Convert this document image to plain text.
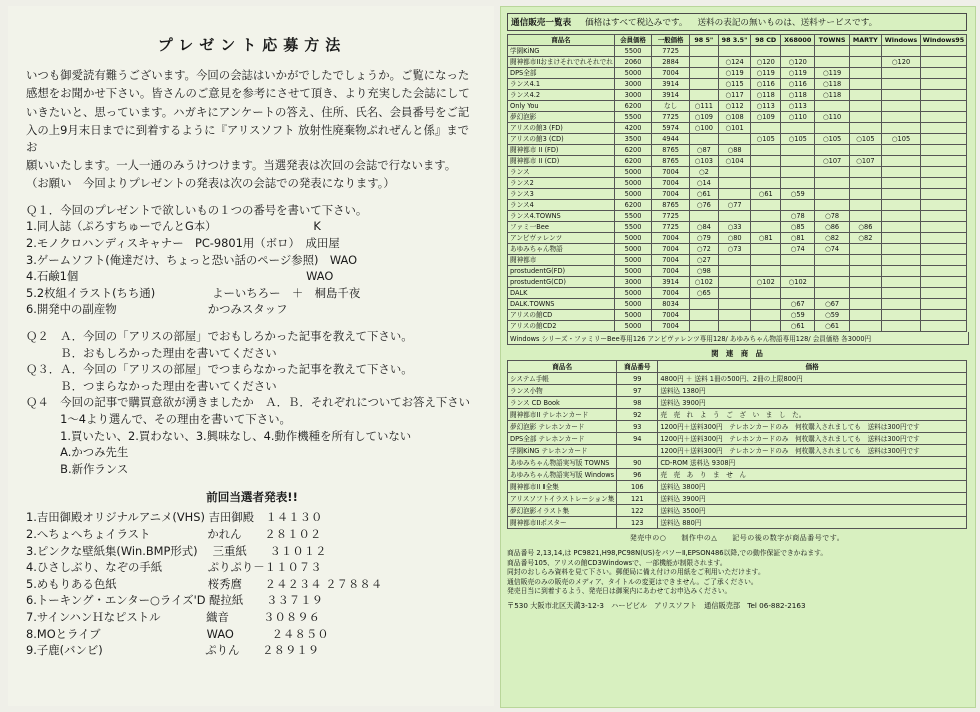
プレゼント応募方法
いつも御愛読有難うございます。今回の会誌はいかがでしたでしょうか。ご覧になった
感想をお聞かせ下さい。皆さんのご意見を参考にさせて頂き、より充実した会誌にして
いきたいと、思っています。ハガキにアンケートの答え、住所、氏名、会員番号をご記
入の上9月末日までに到着するように『アリスソフト 放射性廃棄物ぷれぜんと係』までお
願いいたします。一人一通のみうけつけます。当選発表は次回の会誌で行ないます。
（お願い　今回よりプレゼントの発表は次の会誌での発表になります。）
Ｑ１．今回のプレゼントで欲しいもの１つの番号を書いて下さい。
1.同人誌（ぷろすちゅーでんとG本）　　　　　　　　　K
2.モノクロハンディスキャナー　PC-9801用（ボロ）　成田屋
3.ゲームソフト(俺達だけ、ちょっと恐い話のページ参照)　WAO
4.石鹸1個　　　　　　　　　　　　　　　　　　　　WAO
5.2枚組イラスト(ちち通)　　　　　よーいちろー　＋　桐島千夜
6.開発中の副産物　　　　　　　　かつみスタッフ
Ｑ２　Ａ．今回の「アリスの部屋」でおもしろかった記事を教えて下さい。
　　　Ｂ．おもしろかった理由を書いてください
Ｑ３．Ａ．今回の「アリスの部屋」でつまらなかった記事を教えて下さい。
　　　Ｂ．つまらなかった理由を書いてください
Ｑ４　今回の記事で購買意欲が湧きましたか　Ａ．Ｂ．それぞれについてお答え下さい
　　　1～4より選んで、その理由を書いて下さい。
　　　1.買いたい、2.買わない、3.興味なし、4.動作機種を所有していない
　　　A.かつみ先生
　　　B.新作ランス
前回当選者発表!!
1.吉田御殿オリジナルアニメ(VHS) 吉田御殿　１４１３０
2.へちょへちょイラスト　　　　　かれん　　２８１０２
3.ピンクな壁紙集(Win.BMP形式)　 三重紙　　３１０１２
4.ひさしぶり、なぞの手紙　　　　ぷりぷり－１１０７３
5.めもりある色紙　　　　　　　　桜秀麿　　２４２３４ ２７８８４
6.トーキング・エンター○ライズ'D 醍拉紙　　３３７１９
7.サインハンＨなピストル　　　　織音　　　３０８９６
8.MOとライブ　　　　　　　　　 WAO　　　 ２４８５０
9.子鹿(バンビ)　　　　　　　　　ぷりん　　２８９１９
通信販売一覧表 価格はすべて税込みです。 送料の表記の無いものは、送料サービスです。
商品名	会員価格	一般価格	98 5"	98 3.5"	98 CD	X68000	TOWNS	MARTY	Windows	Windows95
学園KiNG	5500	7725								
闘神都市IIおまけそれでれそれでれ	2060	2884		○124	○120	○120			○120	
DPS全部	5000	7004		○119	○119	○119	○119			
ランス4.1	3000	3914		○115	○116	○116	○118			
ランス4.2	3000	3914		○117	○118	○118	○118			
Only You	6200	なし	○111	○112	○113	○113				
夢幻泡影	5500	7725	○109	○108	○109	○110	○110			
アリスの館3 (FD)	4200	5974	○100	○101						
アリスの館3 (CD)	3500	4944			○105	○105	○105	○105	○105	
闘神都市 II (FD)	6200	8765	○87	○88						
闘神都市 II (CD)	6200	8765	○103	○104			○107	○107		
ランス	5000	7004	○2							
ランス2	5000	7004	○14							
ランス3	5000	7004	○61		○61	○59				
ランス4	6200	8765	○76	○77						
ランス4.TOWNS	5500	7725				○78	○78			
ファミ一Bee	5500	7725	○84	○33		○85	○86	○86		
アンビヴァレンツ	5000	7004	○79	○80	○81	○81	○82	○82		
あゆみちゃん物語	5000	7004	○72	○73		○74	○74			
闘神都市	5000	7004	○27							
prostudentG(FD)	5000	7004	○98							
prostudentG(CD)	3000	3914	○102		○102	○102				
DALK	5000	7004	○65							
DALK.TOWNS	5000	8034				○67	○67			
アリスの館CD	5000	7004				○59	○59			
アリスの館CD2	5000	7004				○61	○61			
Windows シリーズ・ファミリーBee専用126 アンビヴァレンツ専用128/ あゆみちゃん物語専用128/ 会員価格 各3000円
関　連　商　品
商品名	商品番号	価格
システム手帳	99	4800円 ＋ 送料 1冊の500円、2冊の上限800円
ランス小物	97	送料込 1380円
ランス CD Book	98	送料込 3900円
闘神都市II テレホンカード	92	売　売　れ　よ　う　ご　ざ　い　ま　し　た。
夢幻泡影 テレホンカード	93	1200円＋送料300円　テレホンカードのみ　何枚購入されましても　送料は300円です
DPS全部 テレホンカード	94	1200円＋送料300円　テレホンカードのみ　何枚購入されましても　送料は300円です
学園KiNG テレホンカード		1200円＋送料300円　テレホンカードのみ　何枚購入されましても　送料は300円です
あゆみちゃん物語実写版 TOWNS	90	CD-ROM 送料込 9308円
あゆみちゃん物語実写版 Windows	96	売　売　あ　り　ま　せ　ん
闘神都市II Ⅱ全集	106	送料込 3800円
アリスソフトイラストレーション集	121	送料込 3900円
夢幻泡影イラスト集	122	送料込 3500円
闘神都市IIポスター	123	送料込 880円
発売中の○　　制作中の△　　記号の後の数字が商品番号です。
商品番号 2,13,14,は PC9821,H98,PC98N(US)をパソーⅡ,EPSON486以降,での動作保証できかねます。
商品番号105、アリスの館CD3Windowsで、一部機能が制限されます。
同封のおしらみ資料を見て下さい。郵便局に備え付けの用紙をご利用いただけます。
通信販売のみの販売のメディア、タイトルの変更はできません。ご了承ください。
発売日当に到着するよう、発売日は御案内にあわせてお申込みください。
〒530 大阪市北区天満3-12-3　ハービビル　アリスソフト　通信販売部　Tel 06-882-2163
